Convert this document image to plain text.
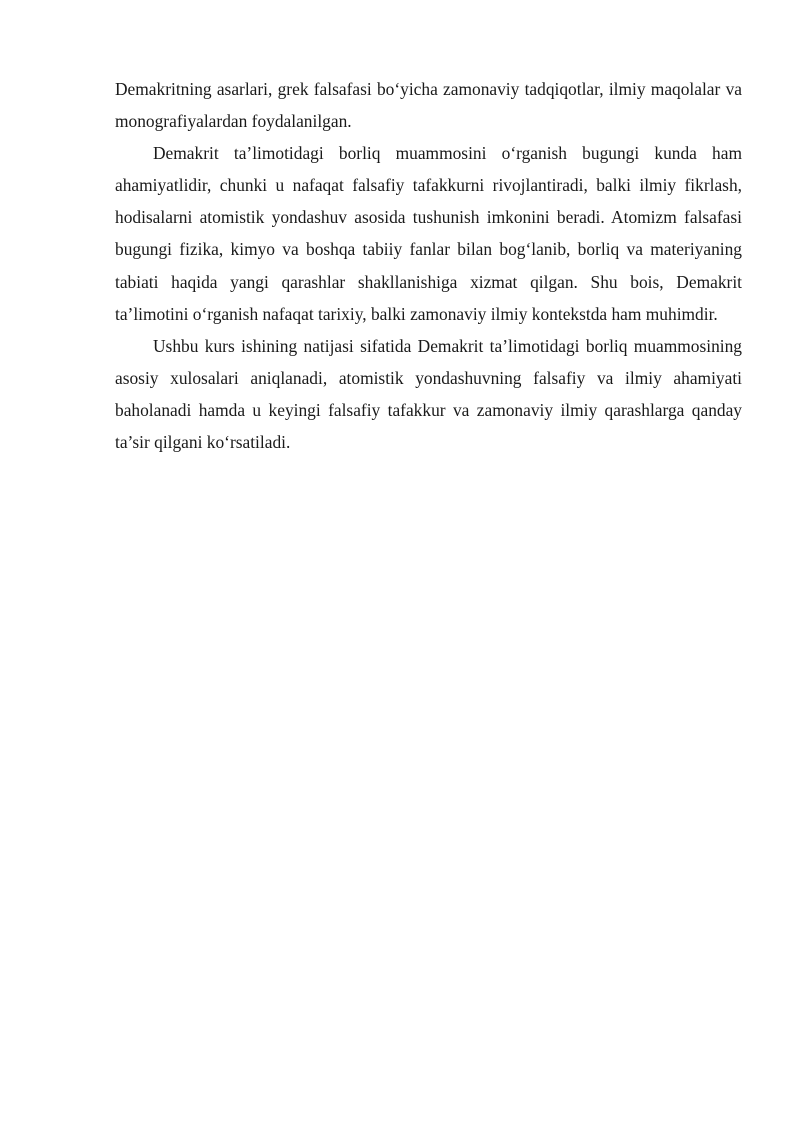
Demakritning asarlari, grek falsafasi bo‘yicha zamonaviy tadqiqotlar, ilmiy maqolalar va monografiyalardan foydalanilgan.

Demakrit ta’limotidagi borliq muammosini o‘rganish bugungi kunda ham ahamiyatlidir, chunki u nafaqat falsafiy tafakkurni rivojlantiradi, balki ilmiy fikrlash, hodisalarni atomistik yondashuv asosida tushunish imkonini beradi. Atomizm falsafasi bugungi fizika, kimyo va boshqa tabiiy fanlar bilan bog‘lanib, borliq va materiyaning tabiati haqida yangi qarashlar shakllanishiga xizmat qilgan. Shu bois, Demakrit ta’limotini o‘rganish nafaqat tarixiy, balki zamonaviy ilmiy kontekstda ham muhimdir.

Ushbu kurs ishining natijasi sifatida Demakrit ta’limotidagi borliq muammosining asosiy xulosalari aniqlanadi, atomistik yondashuvning falsafiy va ilmiy ahamiyati baholanadi hamda u keyingi falsafiy tafakkur va zamonaviy ilmiy qarashlarga qanday ta’sir qilgani ko‘rsatiladi.
